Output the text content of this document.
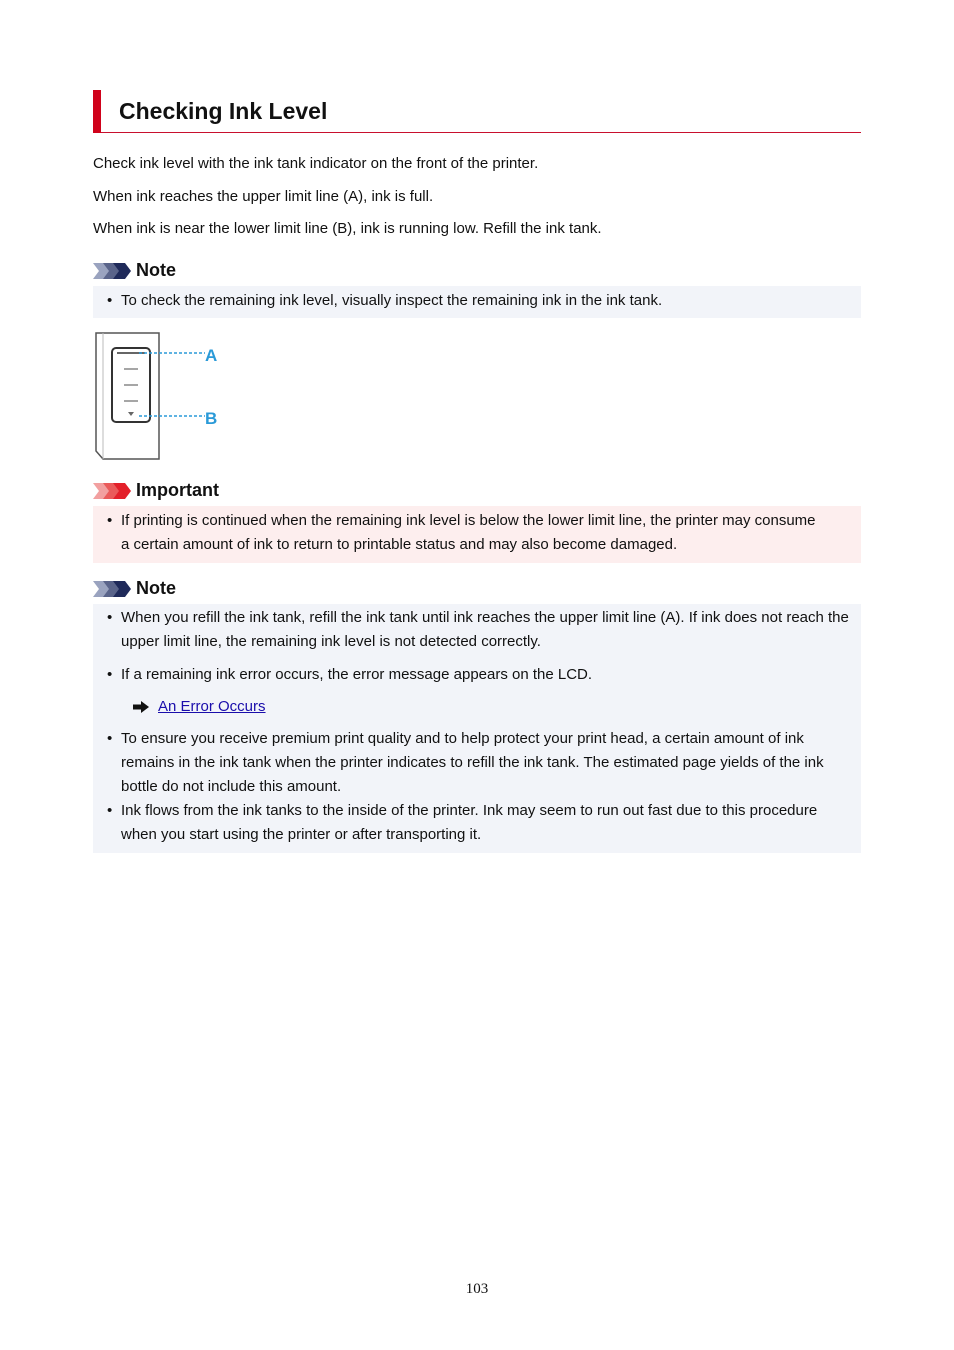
Checking Ink Level

Check ink level with the ink tank indicator on the front of the printer.

When ink reaches the upper limit line (A), ink is full.

When ink is near the lower limit line (B), ink is running low. Refill the ink tank.

Note
• To check the remaining ink level, visually inspect the remaining ink in the ink tank.
A
B
Important
• If printing is continued when the remaining ink level is below the lower limit line, the printer may consume a certain amount of ink to return to printable status and may also become damaged.
Note
• When you refill the ink tank, refill the ink tank until ink reaches the upper limit line (A). If ink does not reach the upper limit line, the remaining ink level is not detected correctly.
• If a remaining ink error occurs, the error message appears on the LCD.
An Error Occurs
• To ensure you receive premium print quality and to help protect your print head, a certain amount of ink remains in the ink tank when the printer indicates to refill the ink tank. The estimated page yields of the ink bottle do not include this amount.
• Ink flows from the ink tanks to the inside of the printer. Ink may seem to run out fast due to this procedure when you start using the printer or after transporting it.
103
